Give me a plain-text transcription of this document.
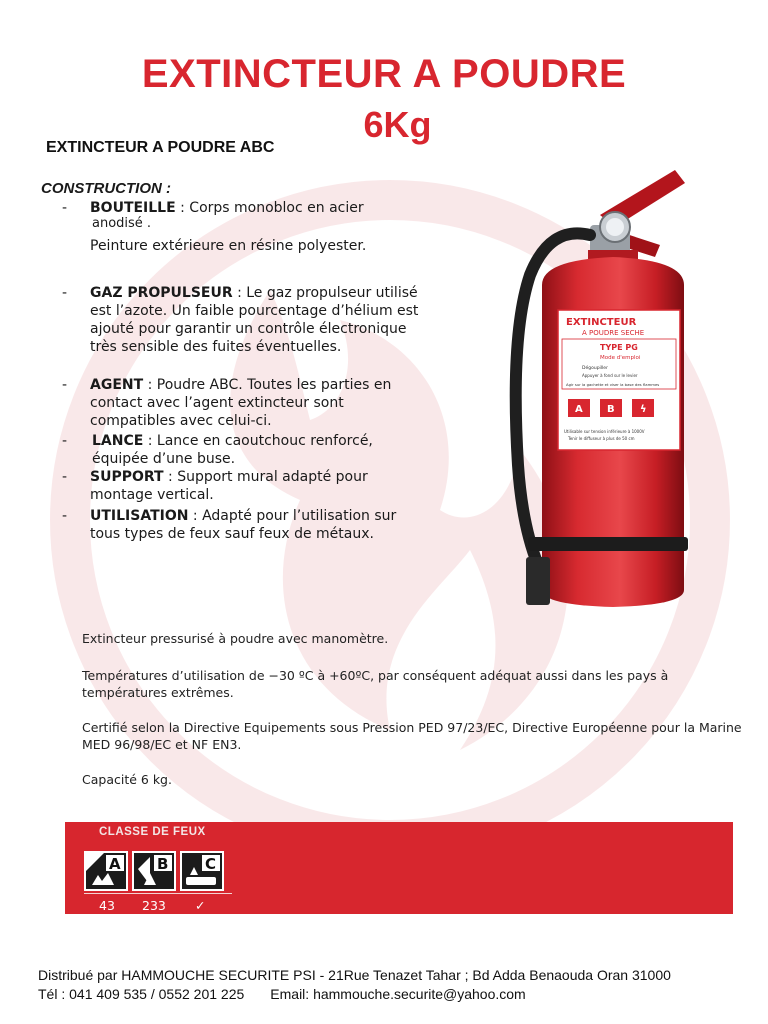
EXTINCTEUR A POUDRE
6Kg
EXTINCTEUR A POUDRE ABC
CONSTRUCTION :
- BOUTEILLE : Corps monobloc en acier
anodisé .
Peinture extérieure en résine polyester.
- GAZ PROPULSEUR : Le gaz propulseur utilisé est l’azote. Un faible pourcentage d’hélium est ajouté pour garantir un contrôle électronique très sensible des fuites éventuelles.
- AGENT : Poudre ABC. Toutes les parties en contact avec l’agent extincteur sont compatibles avec celui-ci.
- LANCE : Lance en caoutchouc renforcé, équipée d’une buse.
- SUPPORT : Support mural adapté pour montage vertical.
- UTILISATION : Adapté pour l’utilisation sur tous types de feux sauf feux de métaux.
EXTINCTEUR
A POUDRE SECHE
TYPE PG
Mode d'emploi
Dégoupiller
Appuyer à fond sur le levier
Agir sur la gachette et viser la base des flammes
A B	ϟ
Utilisable sur tension inférieure à 1000V
Tenir le diffuseur à plus de 50 cm
Extincteur pressurisé à poudre avec manomètre.
Températures d’utilisation de −30 ºC à +60ºC, par conséquent adéquat aussi dans les pays à températures extrêmes.
Certifié selon la Directive Equipements sous Pression PED 97/23/EC, Directive Européenne pour la Marine MED 96/98/EC et NF EN3.
Capacité 6 kg.
CLASSE DE FEUX
A B C
43 233 ✓
Distribué par HAMMOUCHE SECURITE PSI - 21Rue Tenazet Tahar ; Bd Adda Benaouda Oran 31000
Tél : 041 409 535 / 0552 201 225 Email: hammouche.securite@yahoo.com
